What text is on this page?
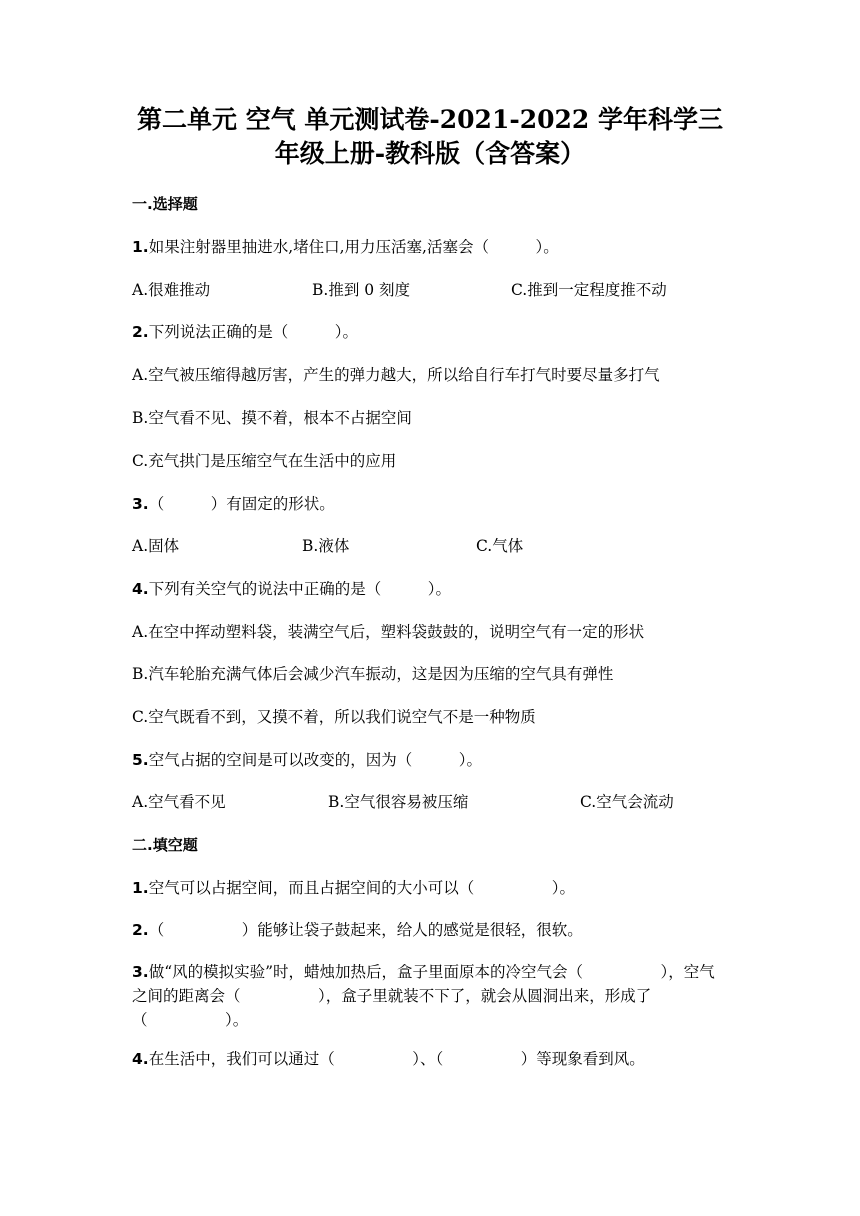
第二单元 空气 单元测试卷-2021-2022 学年科学三
年级上册-教科版（含答案）
一.选择题
1.如果注射器里抽进水,堵住口,用力压活塞,活塞会（　　　）。
A.很难推动	B.推到 0 刻度	C.推到一定程度推不动
2.下列说法正确的是（　　　）。
A.空气被压缩得越厉害，产生的弹力越大，所以给自行车打气时要尽量多打气
B.空气看不见、摸不着，根本不占据空间
C.充气拱门是压缩空气在生活中的应用
3.（　　　）有固定的形状。
A.固体	B.液体	C.气体
4.下列有关空气的说法中正确的是（　　　）。
A.在空中挥动塑料袋，装满空气后，塑料袋鼓鼓的，说明空气有一定的形状
B.汽车轮胎充满气体后会减少汽车振动，这是因为压缩的空气具有弹性
C.空气既看不到，又摸不着，所以我们说空气不是一种物质
5.空气占据的空间是可以改变的，因为（　　　）。
A.空气看不见	B.空气很容易被压缩	C.空气会流动
二.填空题
1.空气可以占据空间，而且占据空间的大小可以（　　　　　）。
2.（　　　　　）能够让袋子鼓起来，给人的感觉是很轻，很软。
3.做“风的模拟实验”时，蜡烛加热后，盒子里面原本的冷空气会（　　　　　），空气之间的距离会（　　　　　），盒子里就装不下了，就会从圆洞出来，形成了（　　　　　）。
4.在生活中，我们可以通过（　　　　　）、（　　　　　）等现象看到风。
